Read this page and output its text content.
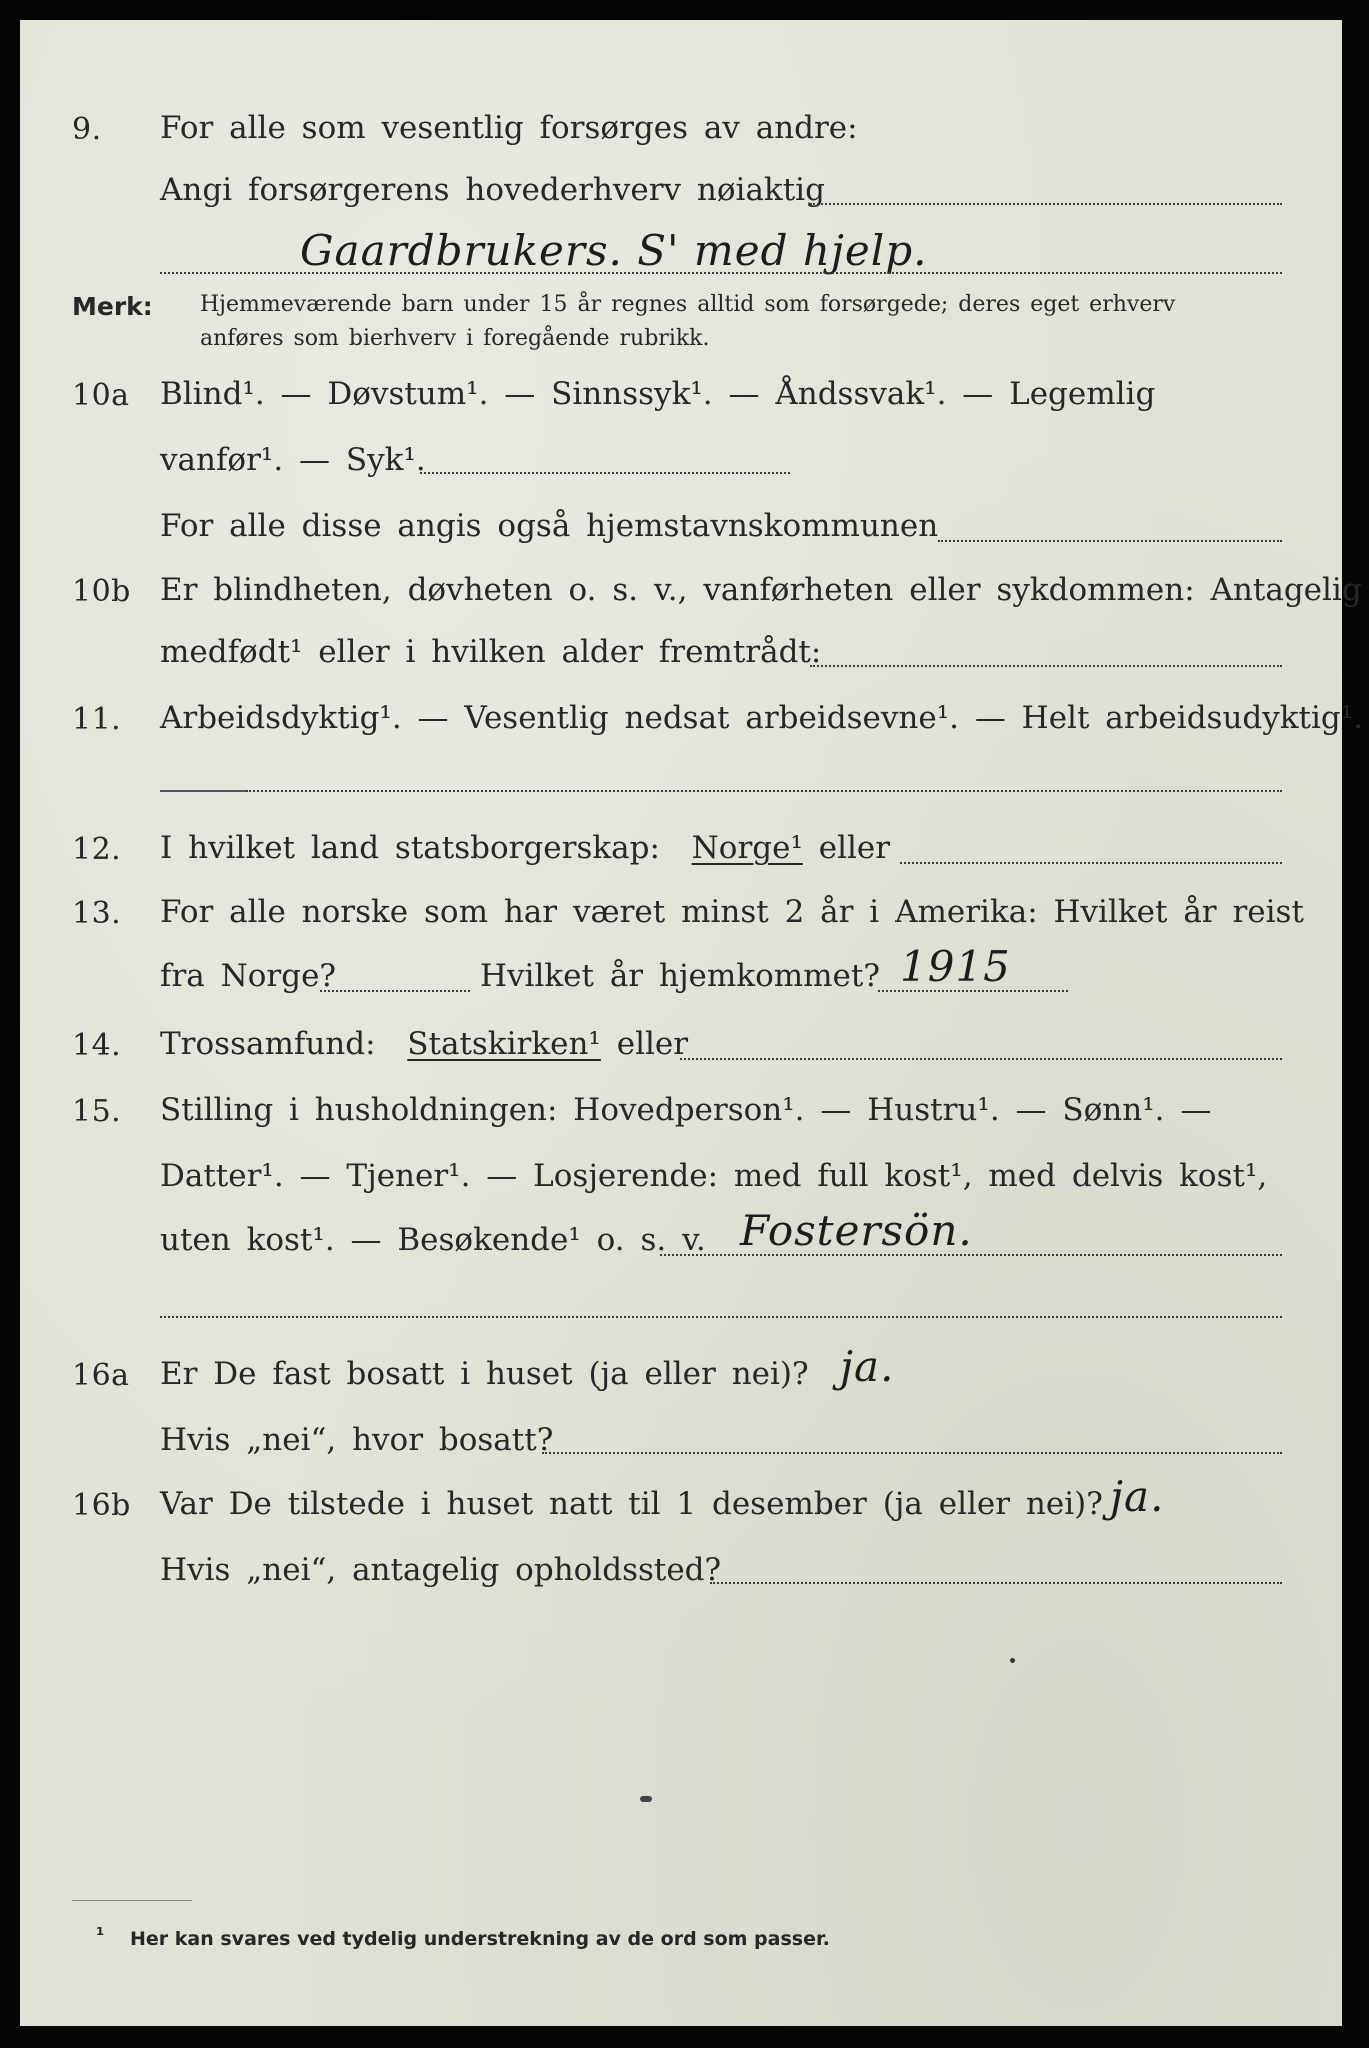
9. For alle som vesentlig forsørges av andre:
Angi forsørgerens hovederhverv nøiaktig
Gaardbrukers. S' med hjelp.
Merk: Hjemmeværende barn under 15 år regnes alltid som forsørgede; deres eget erhverv
anføres som bierhverv i foregående rubrikk.
10a Blind¹. — Døvstum¹. — Sinnssyk¹. — Åndssvak¹. — Legemlig
vanfør¹. — Syk¹.
For alle disse angis også hjemstavnskommunen
10b Er blindheten, døvheten o. s. v., vanførheten eller sykdommen: Antagelig
medfødt¹ eller i hvilken alder fremtrådt:
11. Arbeidsdyktig¹. — Vesentlig nedsat arbeidsevne¹. — Helt arbeidsudyktig¹.
12. I hvilket land statsborgerskap: Norge¹ eller
13. For alle norske som har været minst 2 år i Amerika: Hvilket år reist
fra Norge?	Hvilket år hjemkommet? 1915
14. Trossamfund: Statskirken¹ eller
15. Stilling i husholdningen: Hovedperson¹. — Hustru¹. — Sønn¹. —
Datter¹. — Tjener¹. — Losjerende: med full kost¹, med delvis kost¹,
uten kost¹. — Besøkende¹ o. s. v. Fostersön.
16a Er De fast bosatt i huset (ja eller nei)? ja.
Hvis „nei“, hvor bosatt?
16b Var De tilstede i huset natt til 1 desember (ja eller nei)? ja.
Hvis „nei“, antagelig opholdssted?
¹ Her kan svares ved tydelig understrekning av de ord som passer.
